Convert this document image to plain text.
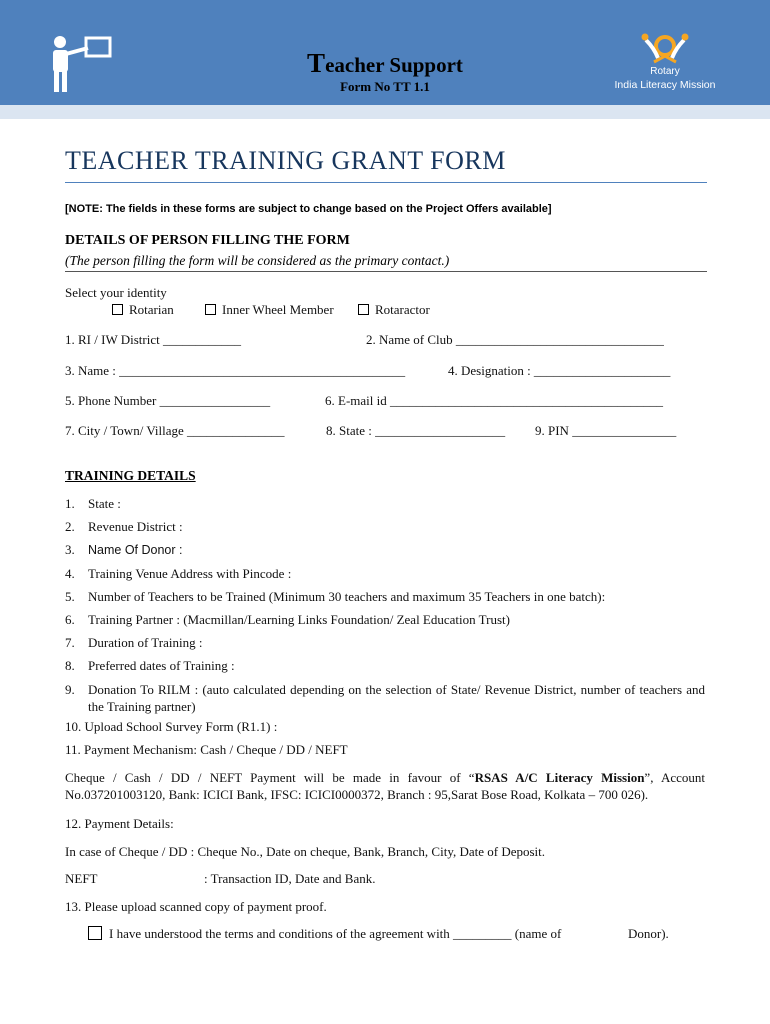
Teacher Support
Form No TT 1.1
Rotary
India Literacy Mission
TEACHER TRAINING GRANT FORM
[NOTE: The fields in these forms are subject to change based on the Project Offers available]
DETAILS OF PERSON FILLING THE FORM
(The person filling the form will be considered as the primary contact.)
Select your identity
Rotarian	Inner Wheel Member	Rotaractor
1. RI / IW District ____________	2. Name of Club ________________________________
3. Name : ____________________________________________	4. Designation : _____________________
5. Phone Number _________________	6. E-mail id __________________________________________
7. City / Town/ Village _______________	8. State : ____________________ 9. PIN ________________
TRAINING DETAILS
1. State :
2. Revenue District :
3. Name Of Donor :
4. Training Venue Address with Pincode :
5. Number of Teachers to be Trained (Minimum 30 teachers and maximum 35 Teachers in one batch):
6. Training Partner : (Macmillan/Learning Links Foundation/ Zeal Education Trust)
7. Duration of Training :
8. Preferred dates of Training :
9.	Donation To RILM : (auto calculated depending on the selection of State/ Revenue District, number of teachers and the Training partner)
10. Upload School Survey Form (R1.1) :
11. Payment Mechanism: Cash / Cheque / DD / NEFT
Cheque / Cash / DD / NEFT Payment will be made in favour of “RSAS A/C Literacy Mission”, Account No.037201003120, Bank: ICICI Bank, IFSC: ICICI0000372, Branch : 95,Sarat Bose Road, Kolkata – 700 026).
12. Payment Details:
In case of Cheque / DD : Cheque No., Date on cheque, Bank, Branch, City, Date of Deposit.
NEFT	: Transaction ID, Date and Bank.
13. Please upload scanned copy of payment proof.
I have understood the terms and conditions of the agreement with _________ (name of	Donor).
